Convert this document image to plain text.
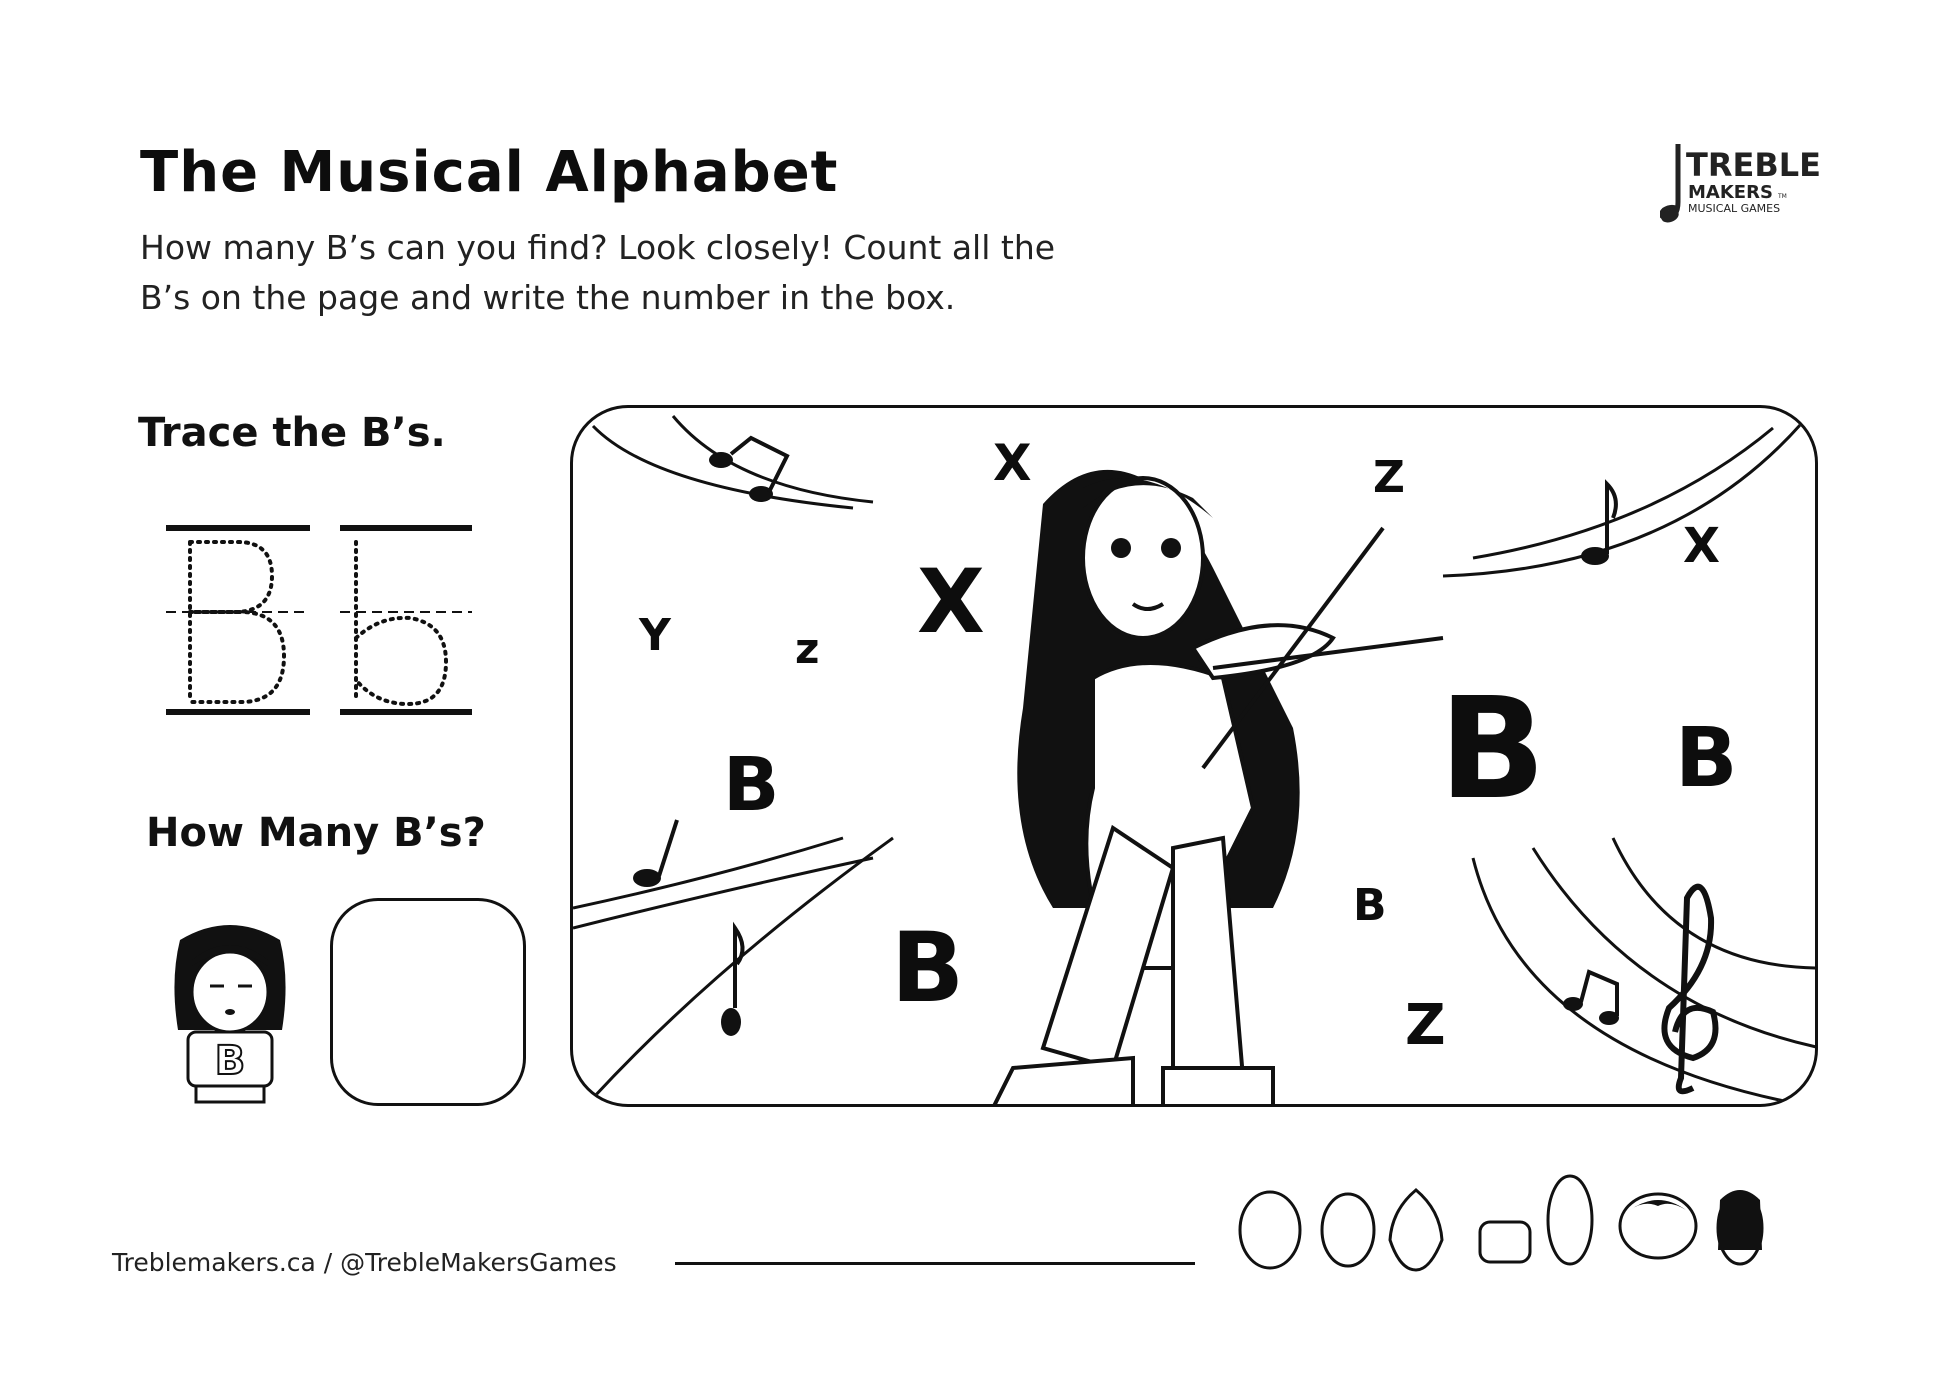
The Musical Alphabet
How many B’s can you find? Look closely! Count all the
B’s on the page and write the number in the box.
TREBLE
MAKERS TM
MUSICAL GAMES
Trace the B’s.
How Many B’s?
B
X	Z
X
Y	z X
B	B B
B
B
Z
Treblemakers.ca / @TrebleMakersGames
